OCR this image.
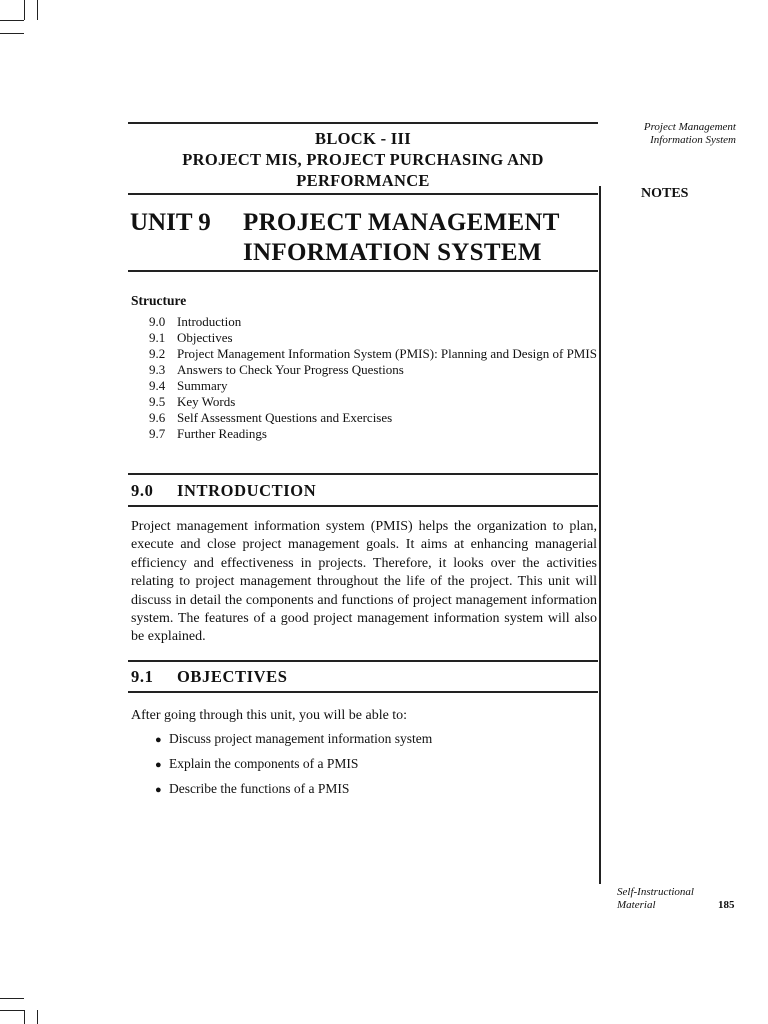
Project Management
Information System
NOTES
BLOCK - III
PROJECT MIS, PROJECT PURCHASING AND
PERFORMANCE
UNIT 9 PROJECT MANAGEMENT
INFORMATION SYSTEM
Structure
9.0 Introduction
9.1 Objectives
9.2 Project Management Information System (PMIS): Planning and Design of PMIS
9.3 Answers to Check Your Progress Questions
9.4 Summary
9.5 Key Words
9.6 Self Assessment Questions and Exercises
9.7 Further Readings
9.0 INTRODUCTION
Project management information system (PMIS) helps the organization to plan, execute and close project management goals. It aims at enhancing managerial efficiency and effectiveness in projects. Therefore, it looks over the activities relating to project management throughout the life of the project. This unit will discuss in detail the components and functions of project management information system. The features of a good project management information system will also be explained.
9.1 OBJECTIVES
After going through this unit, you will be able to:
● Discuss project management information system
● Explain the components of a PMIS
● Describe the functions of a PMIS
Self-Instructional
Material	185
